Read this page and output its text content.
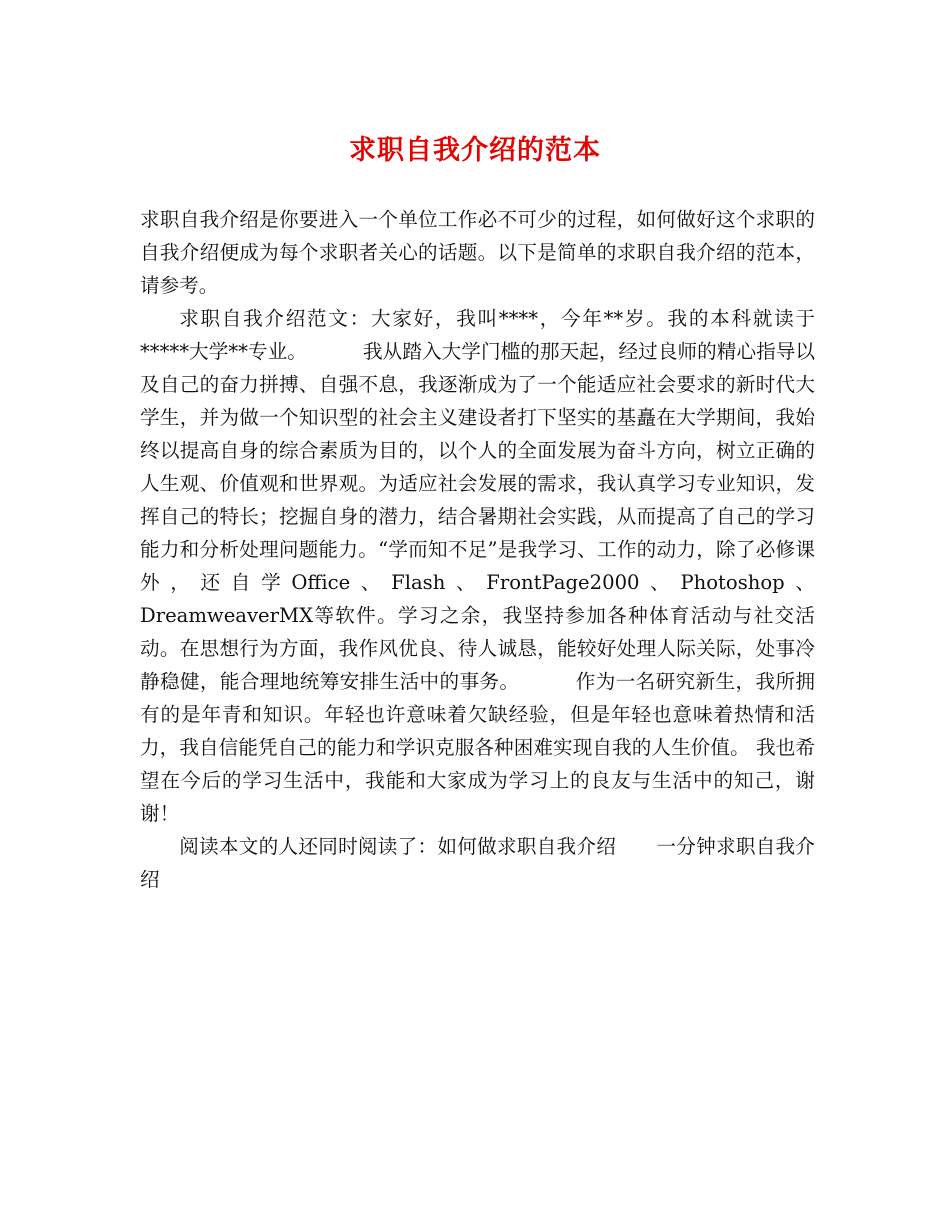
求职自我介绍的范本

求职自我介绍是你要进入一个单位工作必不可少的过程，如何做好这个求职的自我介绍便成为每个求职者关心的话题。以下是简单的求职自我介绍的范本，请参考。

求职自我介绍范文：大家好，我叫****，今年**岁。我的本科就读于*****大学**专业。	我从踏入大学门槛的那天起，经过良师的精心指导以及自己的奋力拼搏、自强不息，我逐渐成为了一个能适应社会要求的新时代大学生，并为做一个知识型的社会主义建设者打下坚实的基矗在大学期间，我始终以提高自身的综合素质为目的，以个人的全面发展为奋斗方向，树立正确的人生观、价值观和世界观。为适应社会发展的需求，我认真学习专业知识，发挥自己的特长；挖掘自身的潜力，结合暑期社会实践，从而提高了自己的学习能力和分析处理问题能力。“学而知不足”是我学习、工作的动力，除了必修课外，还自学Office、Flash、FrontPage2000、Photoshop、DreamweaverMX等软件。学习之余，我坚持参加各种体育活动与社交活动。在思想行为方面，我作风优良、待人诚恳，能较好处理人际关际，处事冷静稳健，能合理地统筹安排生活中的事务。	作为一名研究新生，我所拥有的是年青和知识。年轻也许意味着欠缺经验，但是年轻也意味着热情和活力，我自信能凭自己的能力和学识克服各种困难实现自我的人生价值。 我也希望在今后的学习生活中，我能和大家成为学习上的良友与生活中的知己，谢谢！

阅读本文的人还同时阅读了：如何做求职自我介绍 一分钟求职自我介绍
